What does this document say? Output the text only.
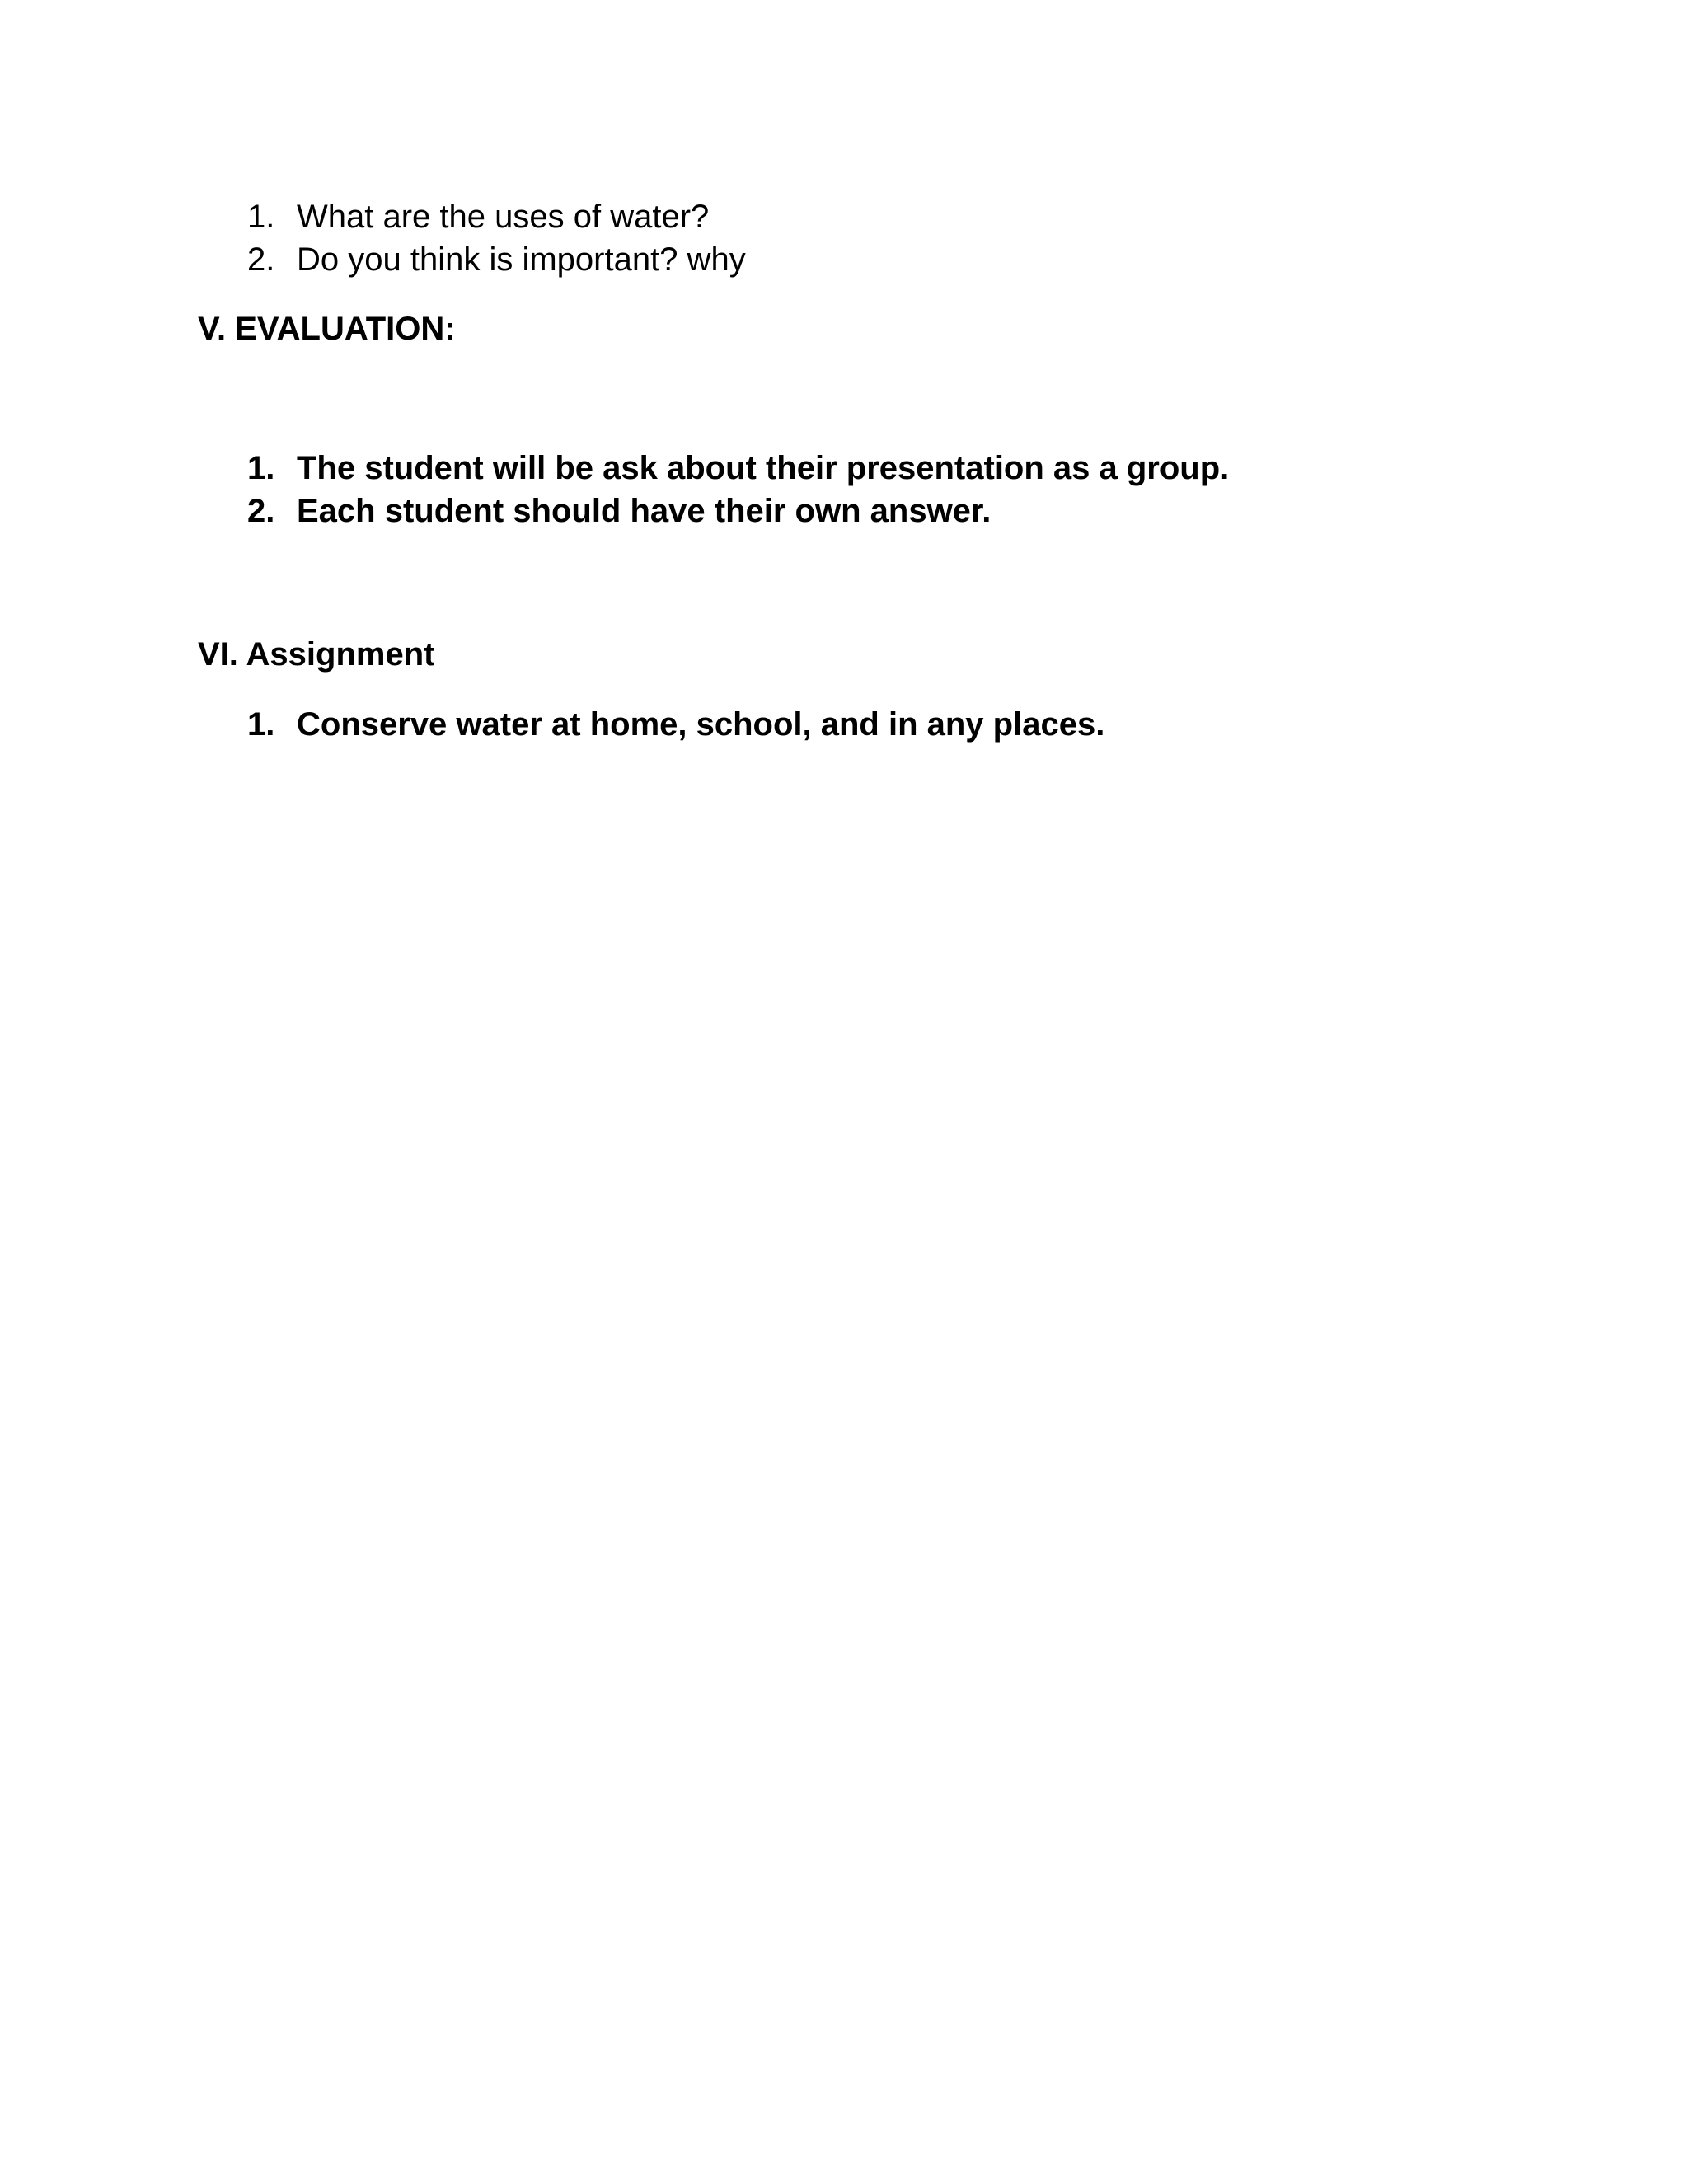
1. What are the uses of water?
2. Do you think is important? why
V. EVALUATION:
1. The student will be ask about their presentation as a group.
2. Each student should have their own answer.
VI. Assignment
1. Conserve water at home, school, and in any places.
